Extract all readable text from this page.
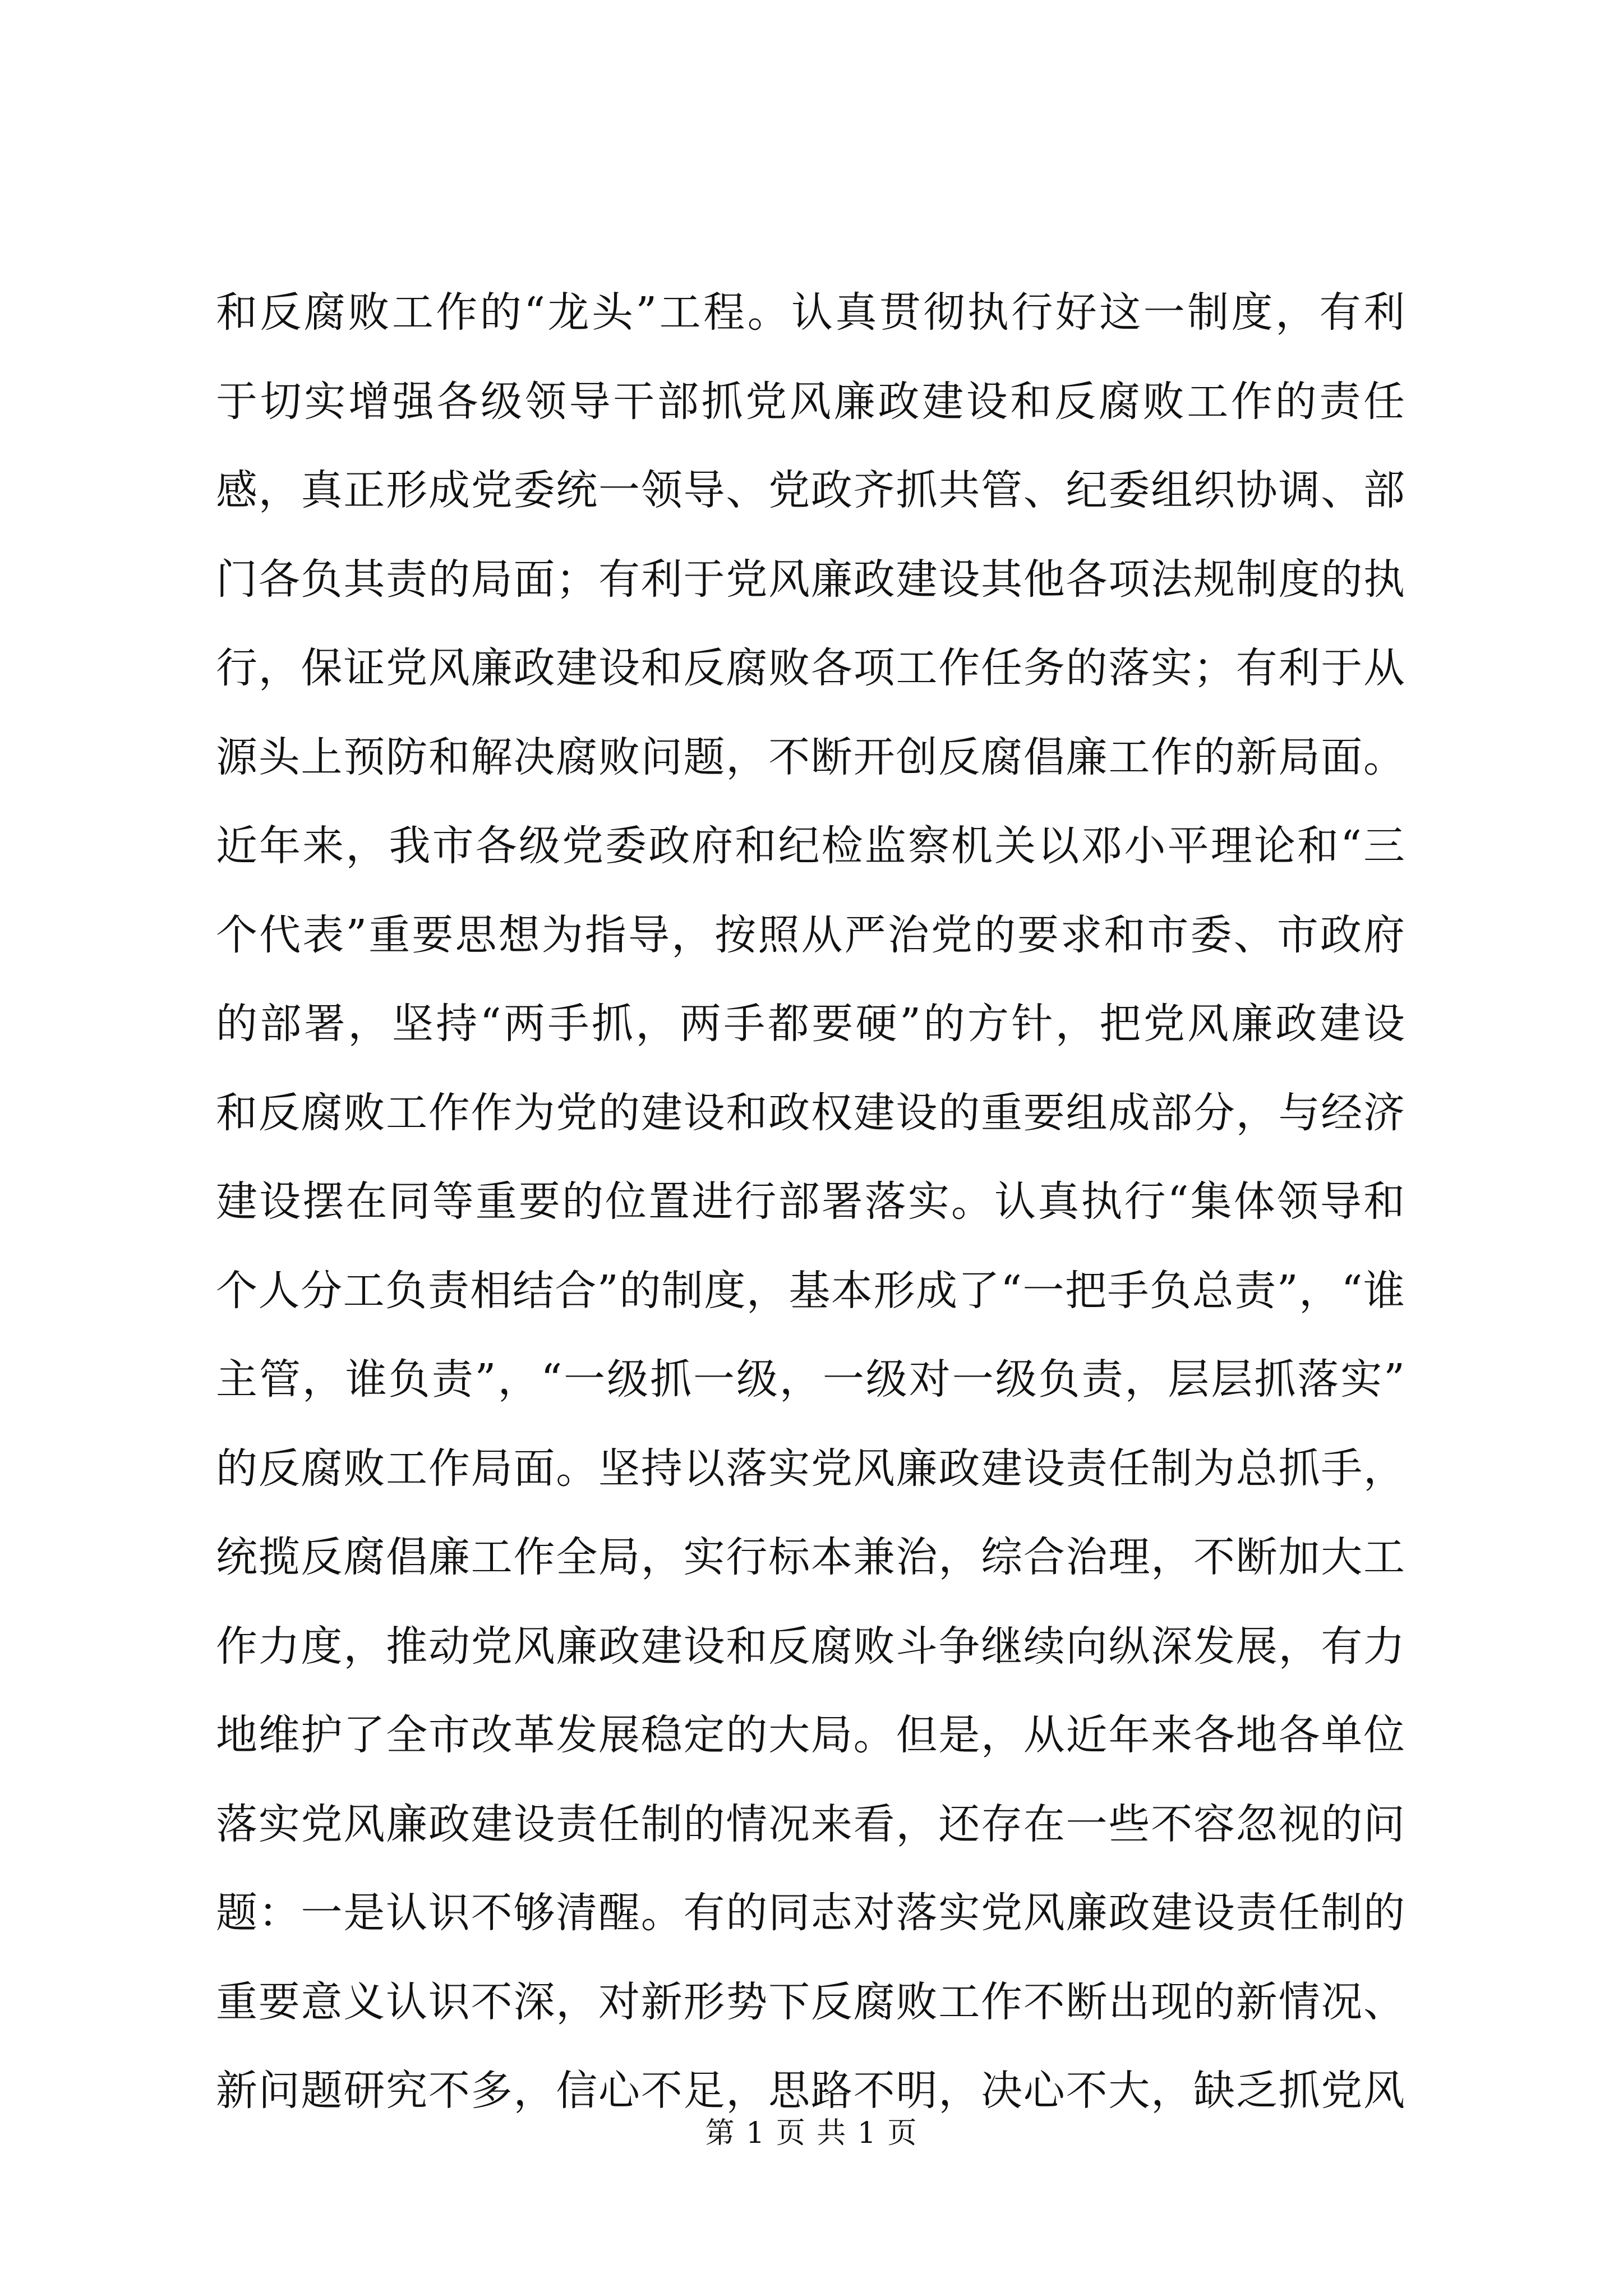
和反腐败工作的“龙头”工程。认真贯彻执行好这一制度，有利
于切实增强各级领导干部抓党风廉政建设和反腐败工作的责任
感，真正形成党委统一领导、党政齐抓共管、纪委组织协调、部
门各负其责的局面；有利于党风廉政建设其他各项法规制度的执
行，保证党风廉政建设和反腐败各项工作任务的落实；有利于从
源头上预防和解决腐败问题，不断开创反腐倡廉工作的新局面。
近年来，我市各级党委政府和纪检监察机关以邓小平理论和“三
个代表”重要思想为指导，按照从严治党的要求和市委、市政府
的部署，坚持“两手抓，两手都要硬”的方针，把党风廉政建设
和反腐败工作作为党的建设和政权建设的重要组成部分，与经济
建设摆在同等重要的位置进行部署落实。认真执行“集体领导和
个人分工负责相结合”的制度，基本形成了“一把手负总责”，“谁
主管，谁负责”，“一级抓一级，一级对一级负责，层层抓落实”
的反腐败工作局面。坚持以落实党风廉政建设责任制为总抓手，
统揽反腐倡廉工作全局，实行标本兼治，综合治理，不断加大工
作力度，推动党风廉政建设和反腐败斗争继续向纵深发展，有力
地维护了全市改革发展稳定的大局。但是，从近年来各地各单位
落实党风廉政建设责任制的情况来看，还存在一些不容忽视的问
题：一是认识不够清醒。有的同志对落实党风廉政建设责任制的
重要意义认识不深，对新形势下反腐败工作不断出现的新情况、
新问题研究不多，信心不足，思路不明，决心不大，缺乏抓党风
第 1 页 共 1 页
